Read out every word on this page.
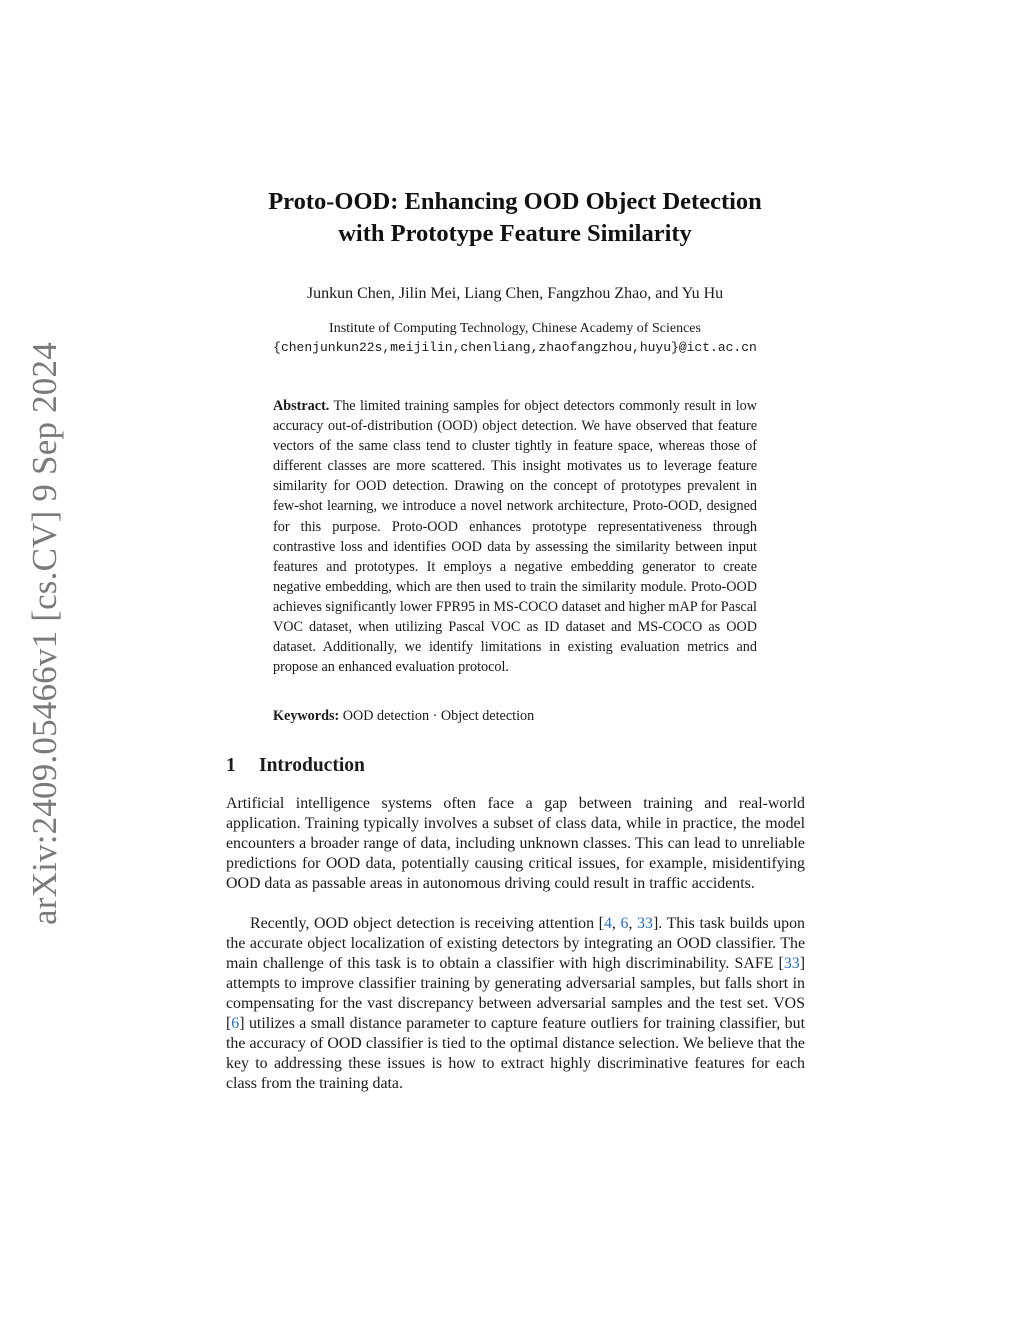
arXiv:2409.05466v1 [cs.CV] 9 Sep 2024
Proto-OOD: Enhancing OOD Object Detection
with Prototype Feature Similarity
Junkun Chen, Jilin Mei, Liang Chen, Fangzhou Zhao, and Yu Hu
Institute of Computing Technology, Chinese Academy of Sciences
{chenjunkun22s,meijilin,chenliang,zhaofangzhou,huyu}@ict.ac.cn
Abstract. The limited training samples for object detectors commonly result in low accuracy out-of-distribution (OOD) object detection. We have observed that feature vectors of the same class tend to cluster tightly in feature space, whereas those of different classes are more scattered. This insight motivates us to leverage feature similarity for OOD detection. Drawing on the concept of prototypes prevalent in few-shot learning, we introduce a novel network architecture, Proto-OOD, designed for this purpose. Proto-OOD enhances prototype representativeness through contrastive loss and identifies OOD data by assessing the similarity between input features and prototypes. It employs a negative embedding generator to create negative embedding, which are then used to train the similarity module. Proto-OOD achieves significantly lower FPR95 in MS-COCO dataset and higher mAP for Pascal VOC dataset, when utilizing Pascal VOC as ID dataset and MS-COCO as OOD dataset. Additionally, we identify limitations in existing evaluation metrics and propose an enhanced evaluation protocol.
Keywords: OOD detection · Object detection
1 Introduction
Artificial intelligence systems often face a gap between training and real-world application. Training typically involves a subset of class data, while in practice, the model encounters a broader range of data, including unknown classes. This can lead to unreliable predictions for OOD data, potentially causing critical issues, for example, misidentifying OOD data as passable areas in autonomous driving could result in traffic accidents.
Recently, OOD object detection is receiving attention [4, 6, 33]. This task builds upon the accurate object localization of existing detectors by integrating an OOD classifier. The main challenge of this task is to obtain a classifier with high discriminability. SAFE [33] attempts to improve classifier training by generating adversarial samples, but falls short in compensating for the vast discrepancy between adversarial samples and the test set. VOS [6] utilizes a small distance parameter to capture feature outliers for training classifier, but the accuracy of OOD classifier is tied to the optimal distance selection. We believe that the key to addressing these issues is how to extract highly discriminative features for each class from the training data.
